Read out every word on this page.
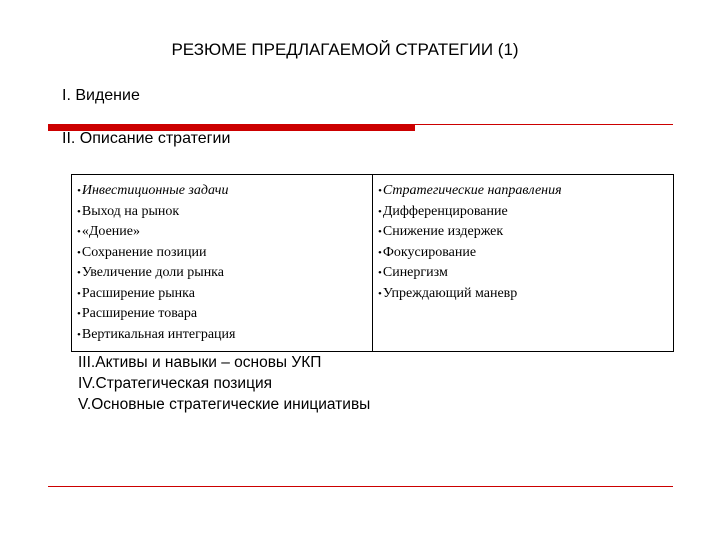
РЕЗЮМЕ ПРЕДЛАГАЕМОЙ СТРАТЕГИИ (1)
I. Видение
II. Описание стратегии
•Инвестиционные задачи
•Выход на рынок
•«Доение»
•Сохранение позиции
•Увеличение доли рынка
•Расширение рынка
•Расширение товара
•Вертикальная интеграция
•Стратегические направления
•Дифференцирование
•Снижение издержек
•Фокусирование
•Синергизм
•Упреждающий маневр
III.Активы и навыки – основы УКП
IV.Стратегическая позиция
V.Основные стратегические инициативы
